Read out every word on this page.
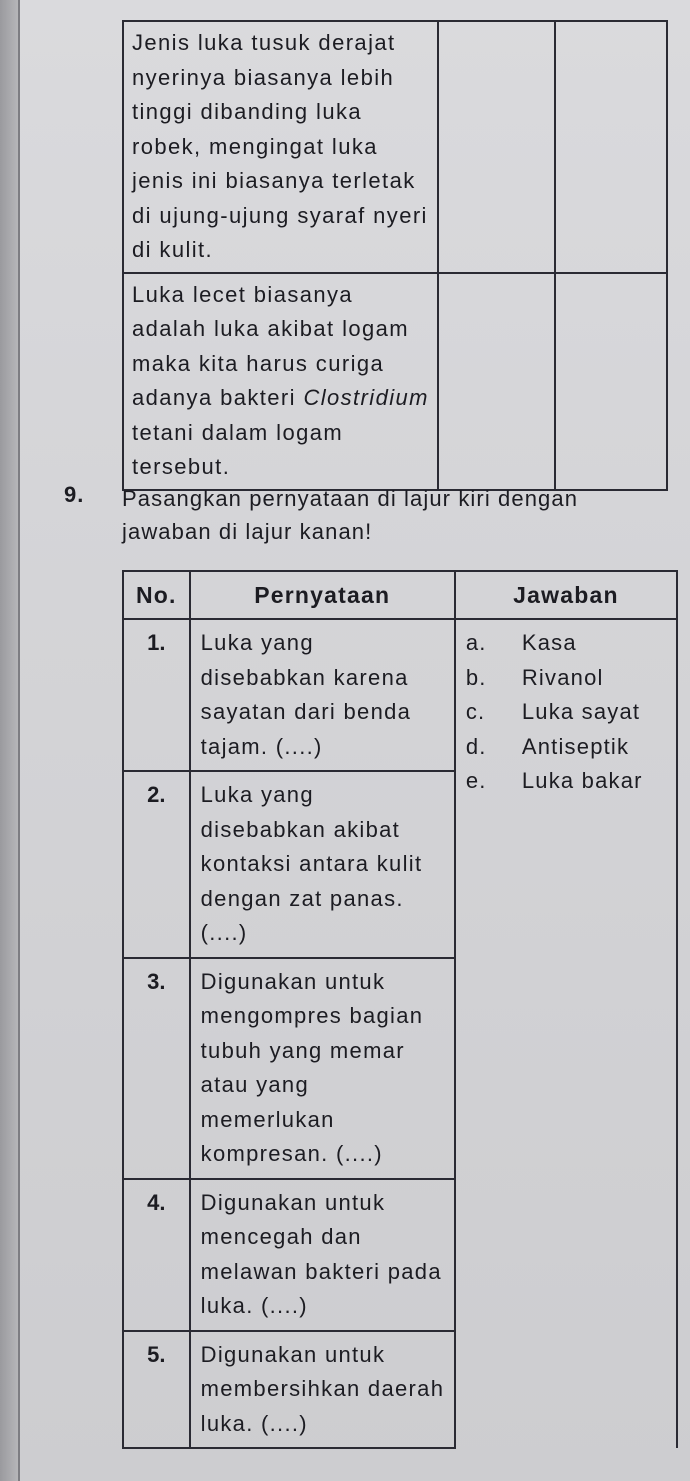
Jenis luka tusuk derajat nyerinya biasanya lebih tinggi dibanding luka robek, mengingat luka jenis ini biasanya terletak di ujung-ujung syaraf nyeri di kulit.		
Luka lecet biasanya adalah luka akibat logam maka kita harus curiga adanya bakteri Clostridium tetani dalam logam tersebut.		
9. Pasangkan pernyataan di lajur kiri dengan
jawaban di lajur kanan!
No.	Pernyataan	Jawaban
1.	Luka yang disebabkan karena sayatan dari benda tajam. (....)	a. Kasa
b. Rivanol
c. Luka sayat
d. Antiseptik
e. Luka bakar

2.	Luka yang disebabkan akibat kontaksi antara kulit dengan zat panas. (....)	
3.	Digunakan untuk mengompres bagian tubuh yang memar atau yang memerlukan kompresan. (....)	
4.	Digunakan untuk mencegah dan melawan bakteri pada luka. (....)	
5.	Digunakan untuk membersihkan daerah luka. (....)	
